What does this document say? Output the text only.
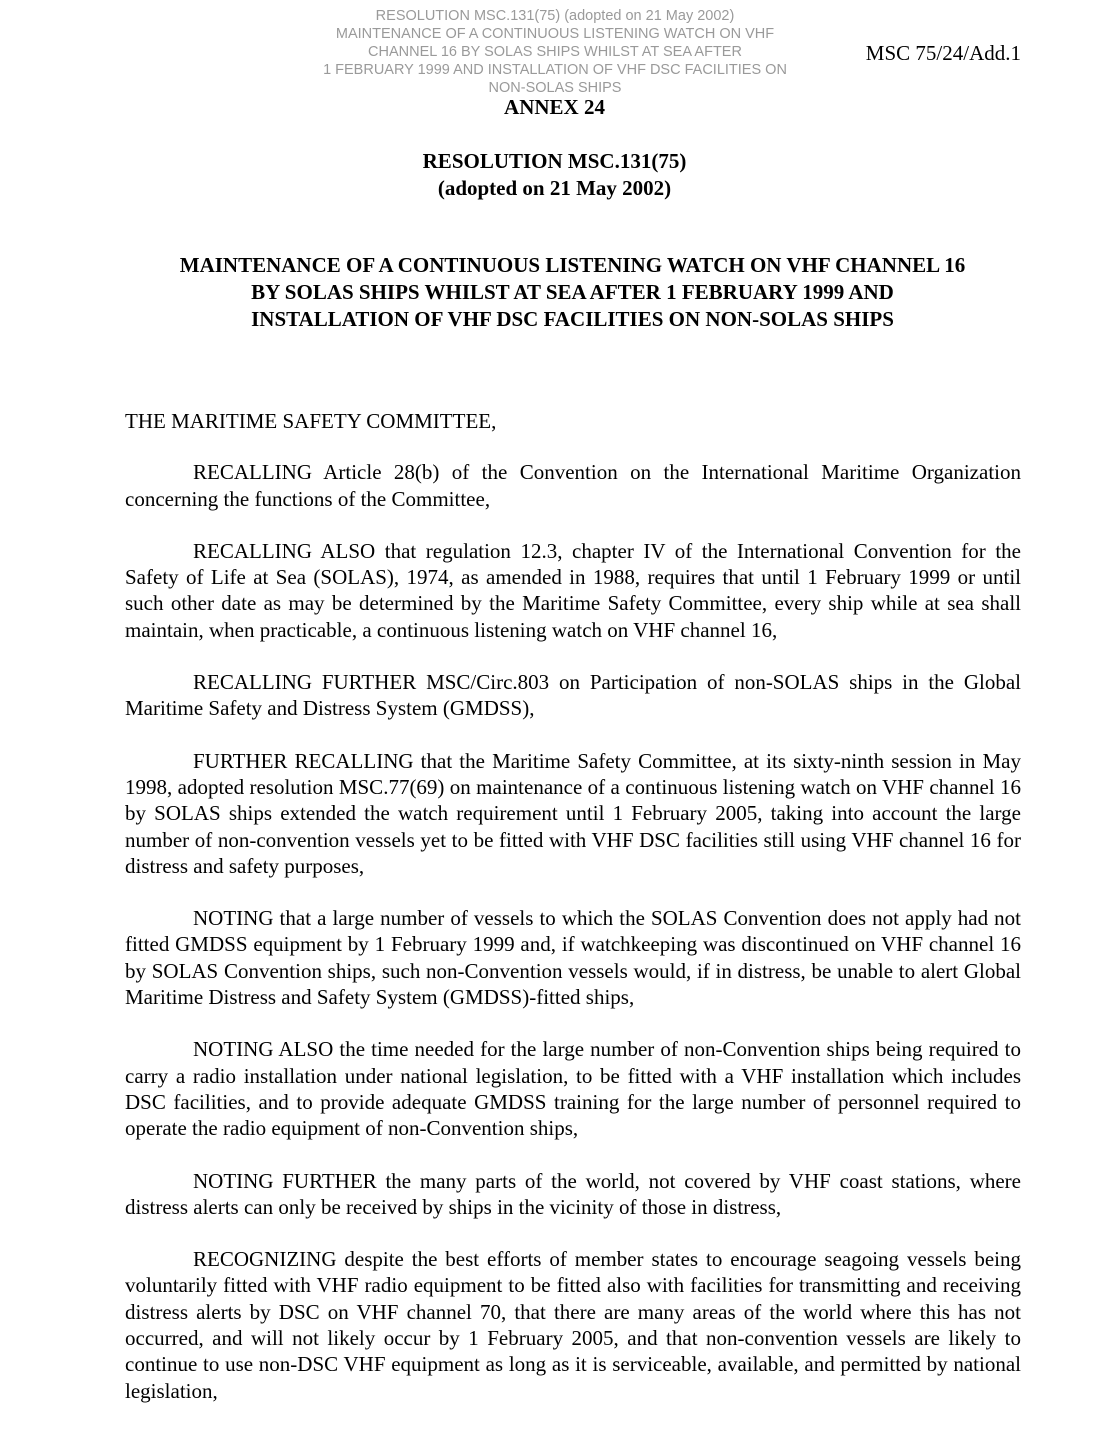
RESOLUTION MSC.131(75) (adopted on 21 May 2002)
MAINTENANCE OF A CONTINUOUS LISTENING WATCH ON VHF
CHANNEL 16 BY SOLAS SHIPS WHILST AT SEA AFTER
1 FEBRUARY 1999 AND INSTALLATION OF VHF DSC FACILITIES ON
NON-SOLAS SHIPS
MSC 75/24/Add.1
ANNEX 24
RESOLUTION MSC.131(75)
(adopted on 21 May 2002)
MAINTENANCE OF A CONTINUOUS LISTENING WATCH ON VHF CHANNEL 16
BY SOLAS SHIPS WHILST AT SEA AFTER 1 FEBRUARY 1999 AND
INSTALLATION OF VHF DSC FACILITIES ON NON-SOLAS SHIPS

THE MARITIME SAFETY COMMITTEE,

RECALLING Article 28(b) of the Convention on the International Maritime Organization concerning the functions of the Committee,

RECALLING ALSO that regulation 12.3, chapter IV of the International Convention for the Safety of Life at Sea (SOLAS), 1974, as amended in 1988, requires that until 1 February 1999 or until such other date as may be determined by the Maritime Safety Committee, every ship while at sea shall maintain, when practicable, a continuous listening watch on VHF channel 16,

RECALLING FURTHER MSC/Circ.803 on Participation of non-SOLAS ships in the Global Maritime Safety and Distress System (GMDSS),

FURTHER RECALLING that the Maritime Safety Committee, at its sixty-ninth session in May 1998, adopted resolution MSC.77(69) on maintenance of a continuous listening watch on VHF channel 16 by SOLAS ships extended the watch requirement until 1 February 2005, taking into account the large number of non-convention vessels yet to be fitted with VHF DSC facilities still using VHF channel 16 for distress and safety purposes,

NOTING that a large number of vessels to which the SOLAS Convention does not apply had not fitted GMDSS equipment by 1 February 1999 and, if watchkeeping was discontinued on VHF channel 16 by SOLAS Convention ships, such non-Convention vessels would, if in distress, be unable to alert Global Maritime Distress and Safety System (GMDSS)-fitted ships,

NOTING ALSO the time needed for the large number of non-Convention ships being required to carry a radio installation under national legislation, to be fitted with a VHF installation which includes DSC facilities, and to provide adequate GMDSS training for the large number of personnel required to operate the radio equipment of non-Convention ships,

NOTING FURTHER the many parts of the world, not covered by VHF coast stations, where distress alerts can only be received by ships in the vicinity of those in distress,

RECOGNIZING despite the best efforts of member states to encourage seagoing vessels being voluntarily fitted with VHF radio equipment to be fitted also with facilities for transmitting and receiving distress alerts by DSC on VHF channel 70, that there are many areas of the world where this has not occurred, and will not likely occur by 1 February 2005, and that non-convention vessels are likely to continue to use non-DSC VHF equipment as long as it is serviceable, available, and permitted by national legislation,
